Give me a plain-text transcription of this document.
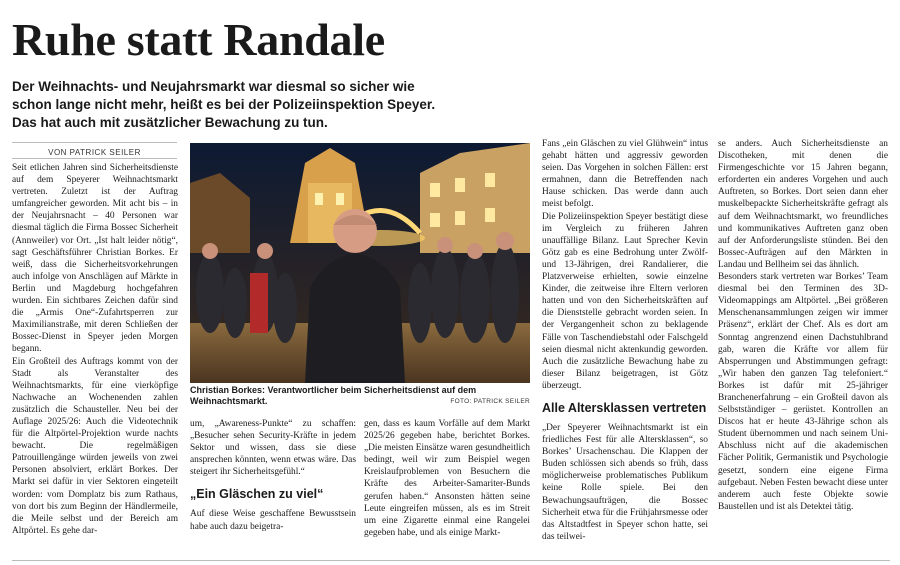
Ruhe statt Randale

Der Weihnachts- und Neujahrsmarkt war diesmal so sicher wie schon lange nicht mehr, heißt es bei der Polizeiinspektion Speyer. Das hat auch mit zusätzlicher Bewachung zu tun.

VON PATRICK SEILER

Seit etlichen Jahren sind Sicherheitsdienste auf dem Speyerer Weihnachtsmarkt vertreten. Zuletzt ist der Auftrag umfangreicher geworden. Mit acht bis – in der Neujahrsnacht – 40 Personen war diesmal täglich die Firma Bossec Sicherheit (Annweiler) vor Ort. „Ist halt leider nötig“, sagt Geschäftsführer Christian Borkes. Er weiß, dass die Sicherheitsvorkehrungen auch infolge von Anschlägen auf Märkte in Berlin und Magdeburg hochgefahren wurden. Ein sichtbares Zeichen dafür sind die „Armis One“-Zufahrtsperren zur Maximilianstraße, mit deren Schließen der Bossec-Dienst in Speyer jeden Morgen begann.

Ein Großteil des Auftrags kommt von der Stadt als Veranstalter des Weihnachtsmarkts, für eine vierköpfige Nachwache an Wochenenden zahlen zusätzlich die Schausteller. Neu bei der Auflage 2025/26: Auch die Videotechnik für die Altpörtel-Projektion wurde nachts bewacht. Die regelmäßigen Patrouillengänge würden jeweils von zwei Personen absolviert, erklärt Borkes. Der Markt sei dafür in vier Sektoren eingeteilt worden: vom Domplatz bis zum Rathaus, von dort bis zum Beginn der Händlermeile, die Meile selbst und der Bereich am Altpörtel. Es gehe dar-

Christian Borkes: Verantwortlicher beim Sicherheitsdienst auf dem Weihnachtsmarkt.	FOTO: PATRICK SEILER

um, „Awareness-Punkte“ zu schaffen: „Besucher sehen Security-Kräfte in jedem Sektor und wissen, dass sie diese ansprechen könnten, wenn etwas wäre. Das steigert ihr Sicherheitsgefühl.“

„Ein Gläschen zu viel“

Auf diese Weise geschaffene Bewusstsein habe auch dazu beigetra-

gen, dass es kaum Vorfälle auf dem Markt 2025/26 gegeben habe, berichtet Borkes. „Die meisten Einsätze waren gesundheitlich bedingt, weil wir zum Beispiel wegen Kreislaufproblemen von Besuchern die Kräfte des Arbeiter-Samariter-Bunds gerufen haben.“ Ansonsten hätten seine Leute eingreifen müssen, als es im Streit um eine Zigarette einmal eine Rangelei gegeben habe, und als einige Markt-

Fans „ein Gläschen zu viel Glühwein“ intus gehabt hätten und aggressiv geworden seien. Das Vorgehen in solchen Fällen: erst ermahnen, dann die Betreffenden nach Hause schicken. Das werde dann auch meist befolgt.

Die Polizeiinspektion Speyer bestätigt diese im Vergleich zu früheren Jahren unauffällige Bilanz. Laut Sprecher Kevin Götz gab es eine Bedrohung unter Zwölf- und 13-Jährigen, drei Randalierer, die Platzverweise erhielten, sowie einzelne Kinder, die zeitweise ihre Eltern verloren hatten und von den Sicherheitskräften auf die Dienststelle gebracht worden seien. In der Vergangenheit schon zu beklagende Fälle von Taschendiebstahl oder Falschgeld seien diesmal nicht aktenkundig geworden. Auch die zusätzliche Bewachung habe zu dieser Bilanz beigetragen, ist Götz überzeugt.

Alle Altersklassen vertreten

„Der Speyerer Weihnachtsmarkt ist ein friedliches Fest für alle Altersklassen“, so Borkes’ Ursachenschau. Die Klappen der Buden schlössen sich abends so früh, dass möglicherweise problematisches Publikum keine Rolle spiele. Bei den Bewachungsaufträgen, die Bossec Sicherheit etwa für die Frühjahrsmesse oder das Altstadtfest in Speyer schon hatte, sei das teilwei-

se anders. Auch Sicherheitsdienste an Discotheken, mit denen die Firmengeschichte vor 15 Jahren begann, erforderten ein anderes Vorgehen und auch Auftreten, so Borkes. Dort seien dann eher muskelbepackte Sicherheitskräfte gefragt als auf dem Weihnachtsmarkt, wo freundliches und kommunikatives Auftreten ganz oben auf der Anforderungsliste stünden. Bei den Bossec-Aufträgen auf den Märkten in Landau und Bellheim sei das ähnlich.

Besonders stark vertreten war Borkes’ Team diesmal bei den Terminen des 3D-Videomappings am Altpörtel. „Bei größeren Menschenansammlungen zeigen wir immer Präsenz“, erklärt der Chef. Als es dort am Sonntag angrenzend einen Dachstuhlbrand gab, waren die Kräfte vor allem für Absperrungen und Abstimmungen gefragt: „Wir haben den ganzen Tag telefoniert.“ Borkes ist dafür mit 25-jähriger Branchenerfahrung – ein Großteil davon als Selbstständiger – gerüstet. Kontrollen an Discos hat er heute 43-Jährige schon als Student übernommen und nach seinem Uni-Abschluss nicht auf die akademischen Fächer Politik, Germanistik und Psychologie gesetzt, sondern eine eigene Firma aufgebaut. Neben Festen bewacht diese unter anderem auch feste Objekte sowie Baustellen und ist als Detektei tätig.
